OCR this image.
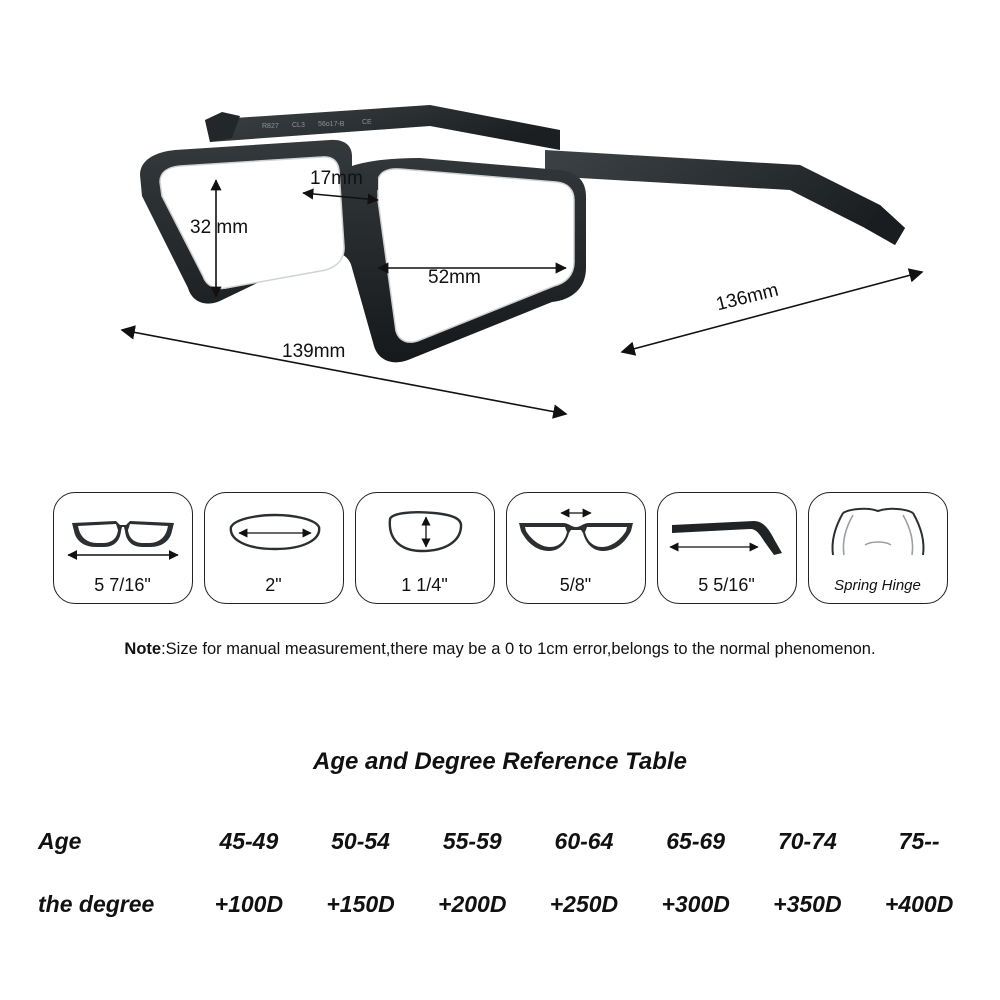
R827 CL3 56o17-B	CE
17mm
32 mm
52mm
136mm
139mm
5 7/16"	2"	1 1/4"	5/8"	5 5/16"	Spring Hinge
Note:Size for manual measurement,there may be a 0 to 1cm error,belongs to the normal phenomenon.
Age and Degree Reference Table
Age	45-49	50-54	55-59	60-64	65-69	70-74	75--
the degree	+100D	+150D	+200D	+250D	+300D	+350D	+400D
